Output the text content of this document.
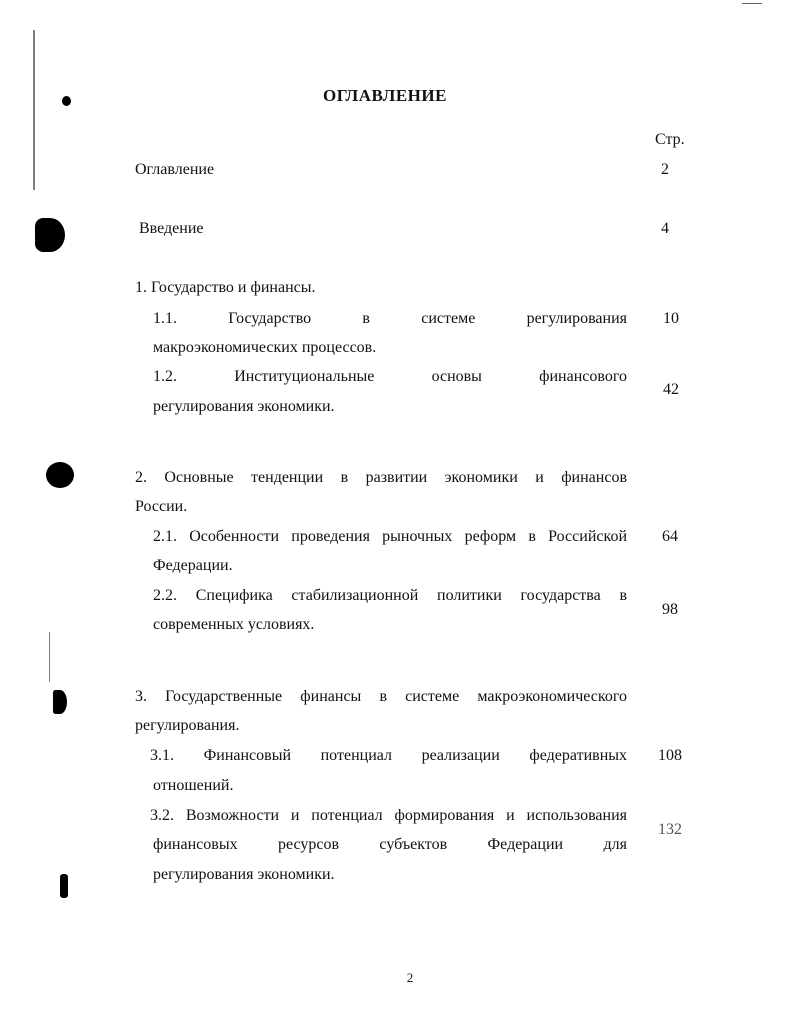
ОГЛАВЛЕНИЕ
Стр.
Оглавление	2
Введение	4
1. Государство и финансы.
1.1. Государство в системе регулирования
макроэкономических процессов.
10
1.2. Институциональные основы финансового
регулирования экономики.
42
2. Основные тенденции в развитии экономики и финансов
России.
2.1. Особенности проведения рыночных реформ в Российской
Федерации.
64
2.2. Специфика стабилизационной политики государства в
современных условиях.
98
3. Государственные финансы в системе макроэкономического
регулирования.
3.1. Финансовый потенциал реализации федеративных
отношений.
108
3.2. Возможности и потенциал формирования и использования
финансовых ресурсов субъектов Федерации для
регулирования экономики.
132
2
